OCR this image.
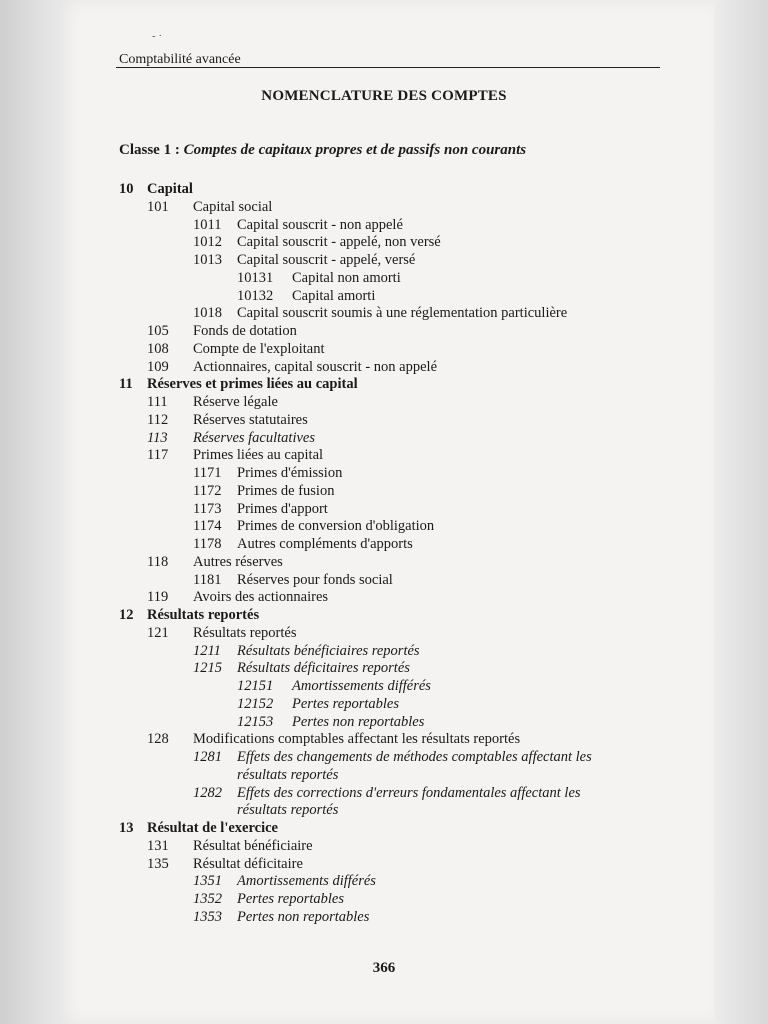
- ·
Comptabilité avancée
NOMENCLATURE DES COMPTES
Classe 1 : Comptes de capitaux propres et de passifs non courants
10 Capital
101 Capital social
1011 Capital souscrit - non appelé
1012 Capital souscrit - appelé, non versé
1013 Capital souscrit - appelé, versé
10131 Capital non amorti
10132 Capital amorti
1018 Capital souscrit soumis à une réglementation particulière
105 Fonds de dotation
108 Compte de l'exploitant
109 Actionnaires, capital souscrit - non appelé
11 Réserves et primes liées au capital
111 Réserve légale
112 Réserves statutaires
113 Réserves facultatives
117 Primes liées au capital
1171 Primes d'émission
1172 Primes de fusion
1173 Primes d'apport
1174 Primes de conversion d'obligation
1178 Autres compléments d'apports
118 Autres réserves
1181 Réserves pour fonds social
119 Avoirs des actionnaires
12 Résultats reportés
121 Résultats reportés
1211 Résultats bénéficiaires reportés
1215 Résultats déficitaires reportés
12151 Amortissements différés
12152 Pertes reportables
12153 Pertes non reportables
128 Modifications comptables affectant les résultats reportés
1281 Effets des changements de méthodes comptables affectant les
résultats reportés
1282 Effets des corrections d'erreurs fondamentales affectant les
résultats reportés
13 Résultat de l'exercice
131 Résultat bénéficiaire
135 Résultat déficitaire
1351 Amortissements différés
1352 Pertes reportables
1353 Pertes non reportables
366
